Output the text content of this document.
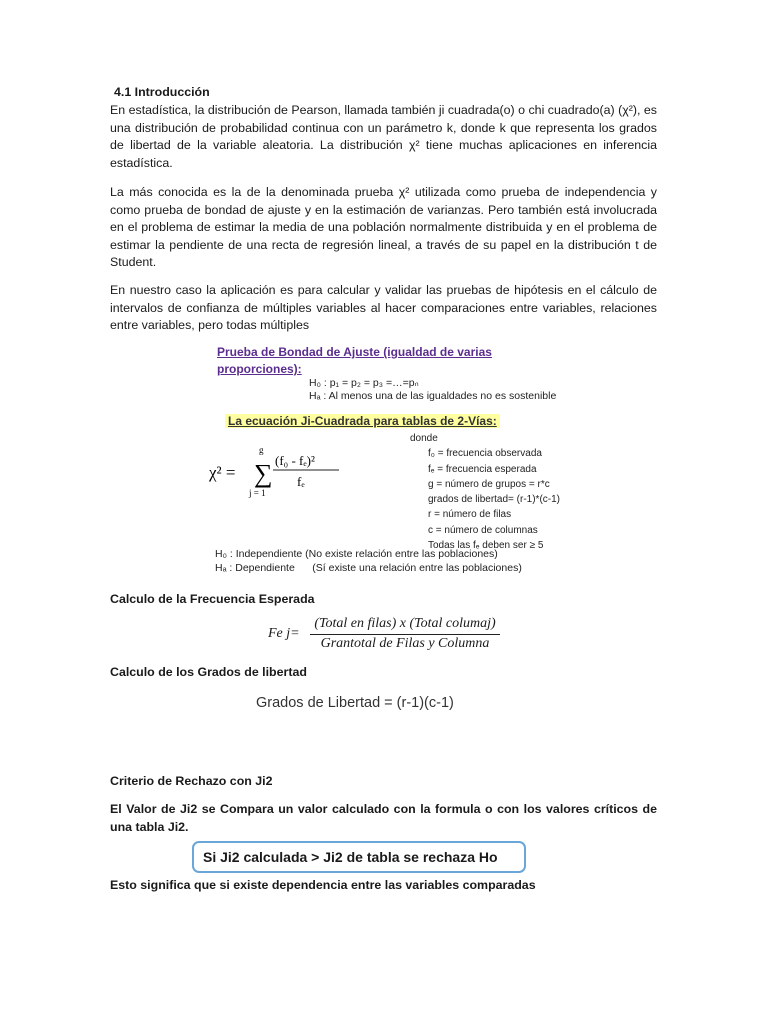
4.1 Introducción
En estadística, la distribución de Pearson, llamada también ji cuadrada(o) o chi cuadrado(a) (χ²), es una distribución de probabilidad continua con un parámetro k, donde k que representa los grados de libertad de la variable aleatoria. La distribución χ² tiene muchas aplicaciones en inferencia estadística.
La más conocida es la de la denominada prueba χ² utilizada como prueba de independencia y como prueba de bondad de ajuste y en la estimación de varianzas. Pero también está involucrada en el problema de estimar la media de una población normalmente distribuida y en el problema de estimar la pendiente de una recta de regresión lineal, a través de su papel en la distribución t de Student.
En nuestro caso la aplicación es para calcular y validar las pruebas de hipótesis en el cálculo de intervalos de confianza de múltiples variables al hacer comparaciones entre variables, relaciones entre variables, pero todas múltiples
Prueba de Bondad de Ajuste (igualdad de varias
proporciones):
H₀ : p₁ = p₂ = p₃ =…=pₙ
Hₐ : Al menos una de las igualdades no es sostenible
La ecuación Ji-Cuadrada para tablas de 2-Vías:
χ² = ∑
g
j = 1
(f₀ - fₑ)²
fₑ
donde
f₀ = frecuencia observada
fₑ = frecuencia esperada
g = número de grupos = r*c
grados de libertad= (r-1)*(c-1)
r = número de filas
c = número de columnas
Todas las fₑ deben ser ≥ 5
H₀ : Independiente (No existe relación entre las poblaciones)
Hₐ : Dependiente      (Sí existe una relación entre las poblaciones)
Calculo de la Frecuencia Esperada
Fe j=
(Total en filas) x (Total columaj)
Grantotal de Filas y Columna
Calculo de los Grados de libertad
Grados de Libertad = (r-1)(c-1)
Criterio de Rechazo con Ji2
El Valor de Ji2 se Compara un valor calculado con la formula o con los valores críticos de una tabla Ji2.
Si Ji2 calculada > Ji2 de tabla se rechaza Ho
Esto significa que si existe dependencia entre las variables comparadas
